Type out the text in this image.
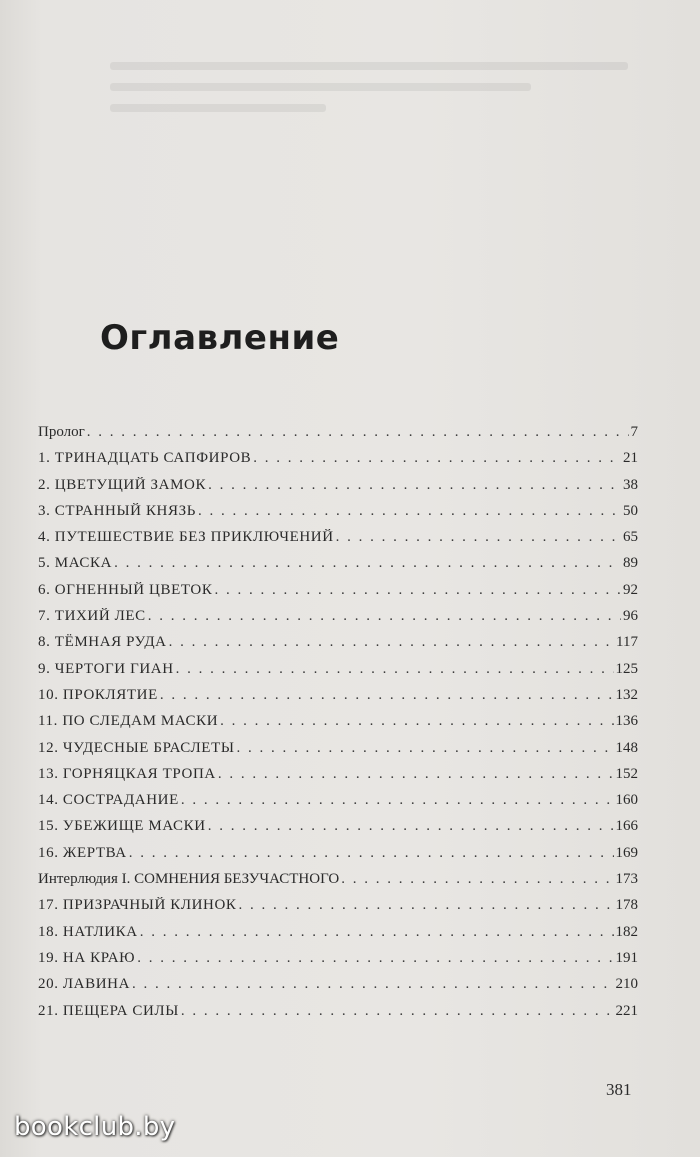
Оглавление
Пролог . . .	7
1. ТРИНАДЦАТЬ САПФИРОВ . . .	21
2. ЦВЕТУЩИЙ ЗАМОК . . .	38
3. СТРАННЫЙ КНЯЗЬ . . .	50
4. ПУТЕШЕСТВИЕ БЕЗ ПРИКЛЮЧЕНИЙ . . .	65
5. МАСКА . . .	89
6. ОГНЕННЫЙ ЦВЕТОК . . .	92
7. ТИХИЙ ЛЕС . . .	96
8. ТЁМНАЯ РУДА . . .	117
9. ЧЕРТОГИ ГИАН . . .	125
10. ПРОКЛЯТИЕ . . .	132
11. ПО СЛЕДАМ МАСКИ . . .	136
12. ЧУДЕСНЫЕ БРАСЛЕТЫ . . .	148
13. ГОРНЯЦКАЯ ТРОПА . . .	152
14. СОСТРАДАНИЕ . . .	160
15. УБЕЖИЩЕ МАСКИ . . .	166
16. ЖЕРТВА . . .	169
Интерлюдия I. СОМНЕНИЯ БЕЗУЧАСТНОГО . . .	173
17. ПРИЗРАЧНЫЙ КЛИНОК . . .	178
18. НАТЛИКА . . .	182
19. НА КРАЮ . . .	191
20. ЛАВИНА . . .	210
21. ПЕЩЕРА СИЛЫ . . .	221
381
bookclub.by
